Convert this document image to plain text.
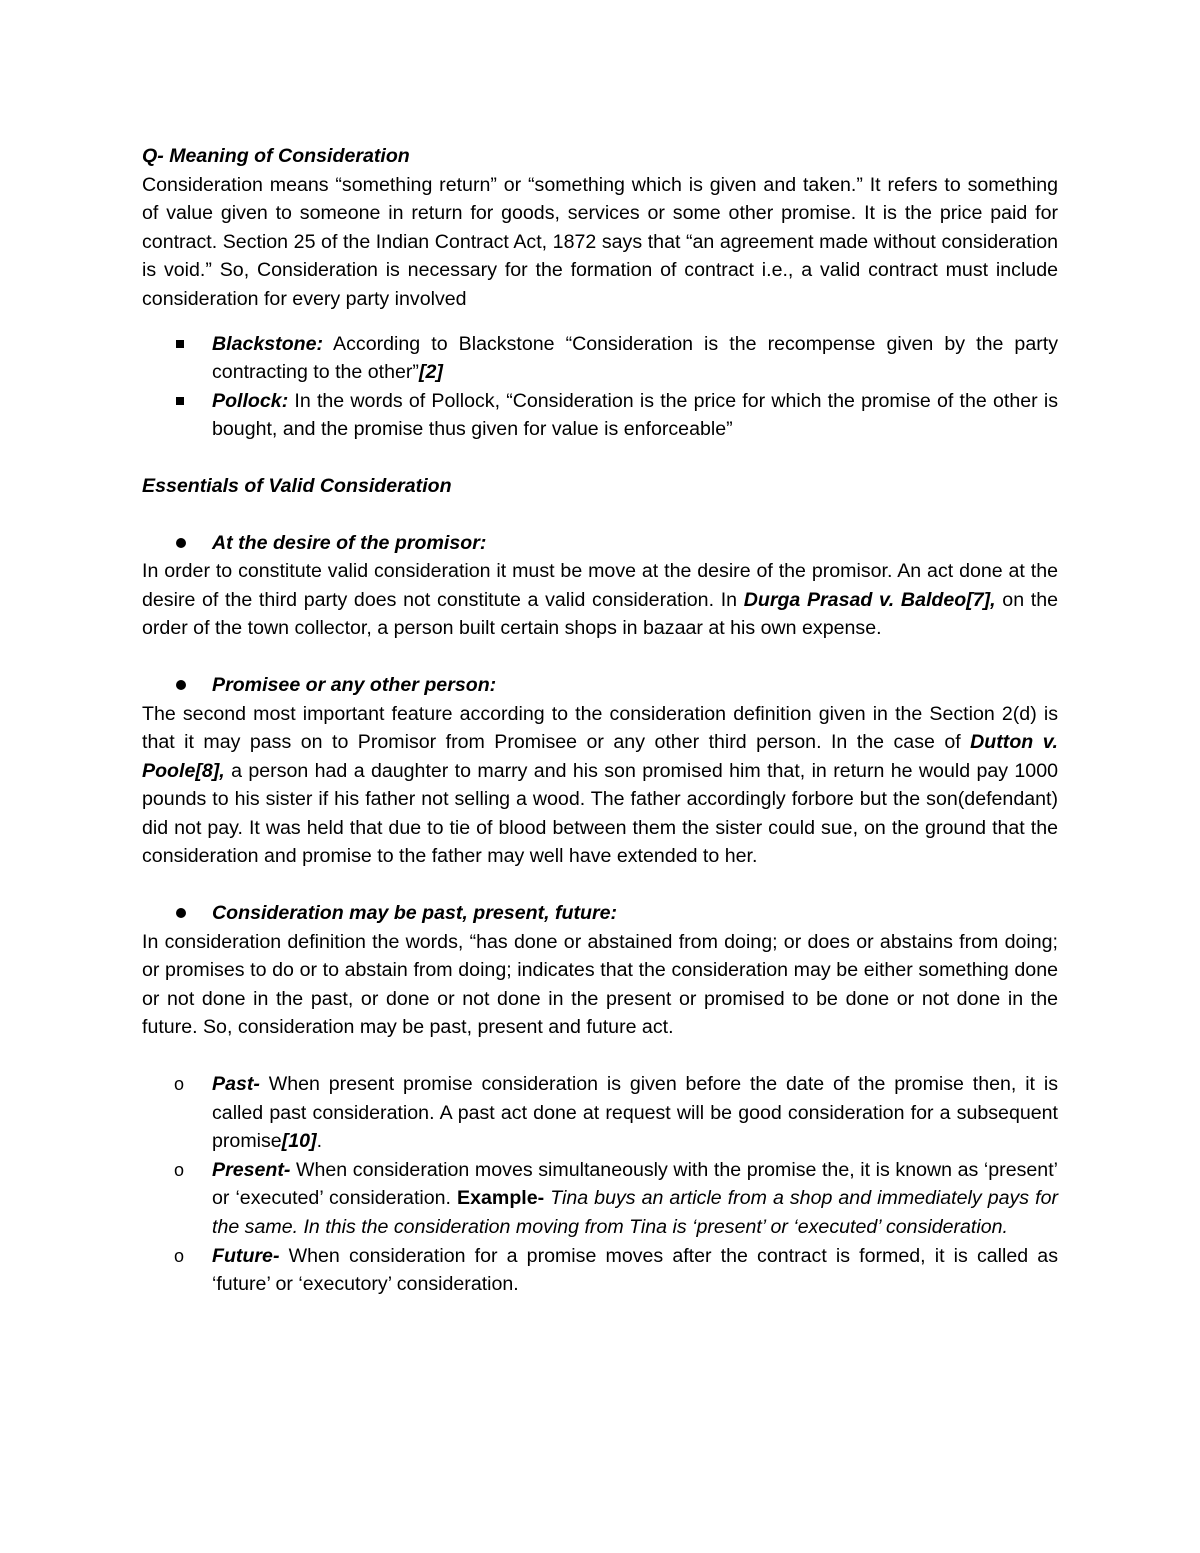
Q- Meaning of Consideration

Consideration means “something return” or “something which is given and taken.” It refers to something of value given to someone in return for goods, services or some other promise. It is the price paid for contract. Section 25 of the Indian Contract Act, 1872 says that “an agreement made without consideration is void.” So, Consideration is necessary for the formation of contract i.e., a valid contract must include consideration for every party involved

Blackstone: According to Blackstone “Consideration is the recompense given by the party contracting to the other”[2]
Pollock: In the words of Pollock, “Consideration is the price for which the promise of the other is bought, and the promise thus given for value is enforceable”

Essentials of Valid Consideration

At the desire of the promisor:

In order to constitute valid consideration it must be move at the desire of the promisor. An act done at the desire of the third party does not constitute a valid consideration. In Durga Prasad v. Baldeo[7], on the order of the town collector, a person built certain shops in bazaar at his own expense.

Promisee or any other person:

The second most important feature according to the consideration definition given in the Section 2(d) is that it may pass on to Promisor from Promisee or any other third person. In the case of Dutton v. Poole[8], a person had a daughter to marry and his son promised him that, in return he would pay 1000 pounds to his sister if his father not selling a wood. The father accordingly forbore but the son(defendant) did not pay. It was held that due to tie of blood between them the sister could sue, on the ground that the consideration and promise to the father may well have extended to her.

Consideration may be past, present, future:

In consideration definition the words, “has done or abstained from doing; or does or abstains from doing; or promises to do or to abstain from doing; indicates that the consideration may be either something done or not done in the past, or done or not done in the present or promised to be done or not done in the future. So, consideration may be past, present and future act.

o Past- When present promise consideration is given before the date of the promise then, it is called past consideration. A past act done at request will be good consideration for a subsequent promise[10].
o Present- When consideration moves simultaneously with the promise the, it is known as ‘present’ or ‘executed’ consideration. Example- Tina buys an article from a shop and immediately pays for the same. In this the consideration moving from Tina is ‘present’ or ‘executed’ consideration.
o Future- When consideration for a promise moves after the contract is formed, it is called as ‘future’ or ‘executory’ consideration.
